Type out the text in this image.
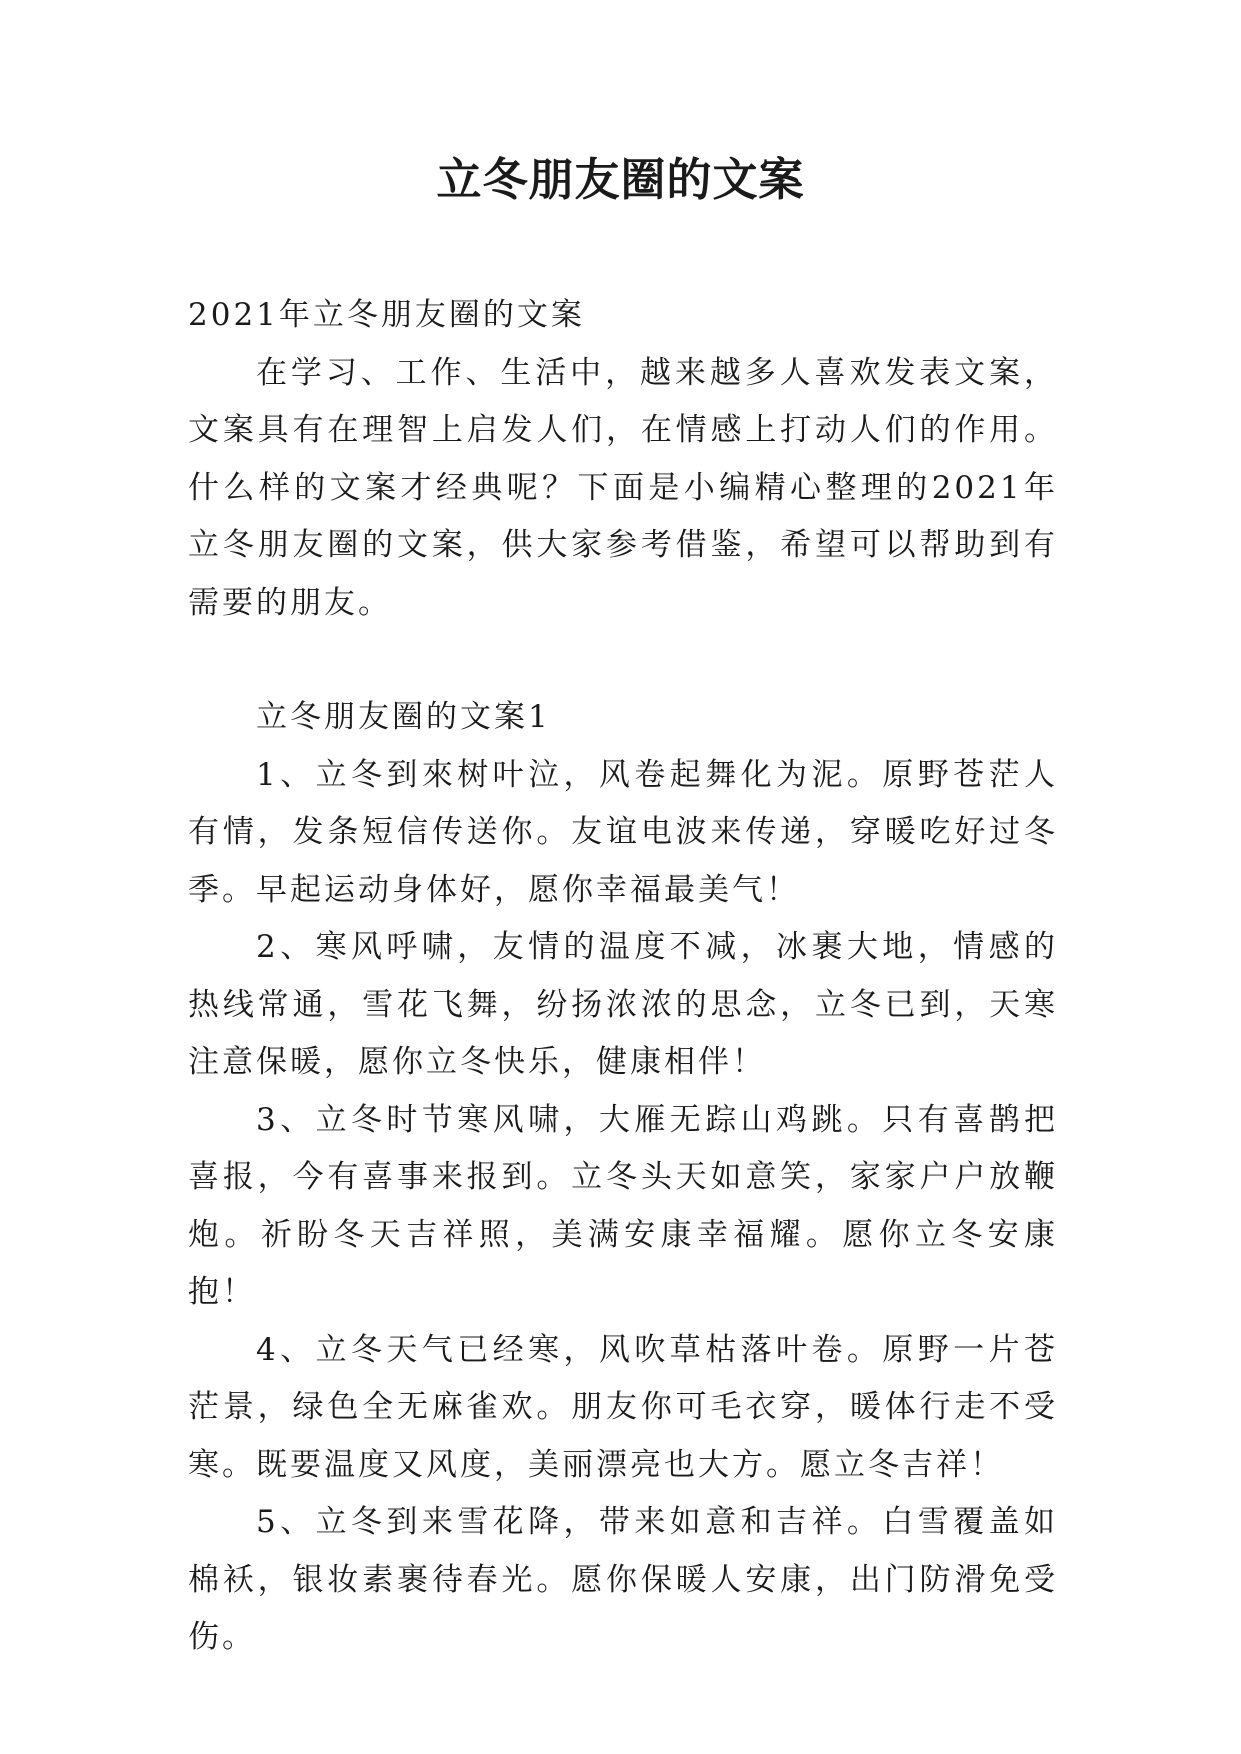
立冬朋友圈的文案

2021年立冬朋友圈的文案

在学习、工作、生活中，越来越多人喜欢发表文案，文案具有在理智上启发人们，在情感上打动人们的作用。什么样的文案才经典呢？下面是小编精心整理的2021年立冬朋友圈的文案，供大家参考借鉴，希望可以帮助到有需要的朋友。

立冬朋友圈的文案1

1、立冬到來树叶泣，风卷起舞化为泥。原野苍茫人有情，发条短信传送你。友谊电波来传递，穿暖吃好过冬季。早起运动身体好，愿你幸福最美气！

2、寒风呼啸，友情的温度不减，冰裹大地，情感的热线常通，雪花飞舞，纷扬浓浓的思念，立冬已到，天寒注意保暖，愿你立冬快乐，健康相伴！

3、立冬时节寒风啸，大雁无踪山鸡跳。只有喜鹊把喜报，今有喜事来报到。立冬头天如意笑，家家户户放鞭炮。祈盼冬天吉祥照，美满安康幸福耀。愿你立冬安康抱！

4、立冬天气已经寒，风吹草枯落叶卷。原野一片苍茫景，绿色全无麻雀欢。朋友你可毛衣穿，暖体行走不受寒。既要温度又风度，美丽漂亮也大方。愿立冬吉祥！

5、立冬到来雪花降，带来如意和吉祥。白雪覆盖如棉袄，银妆素裹待春光。愿你保暖人安康，出门防滑免受伤。
